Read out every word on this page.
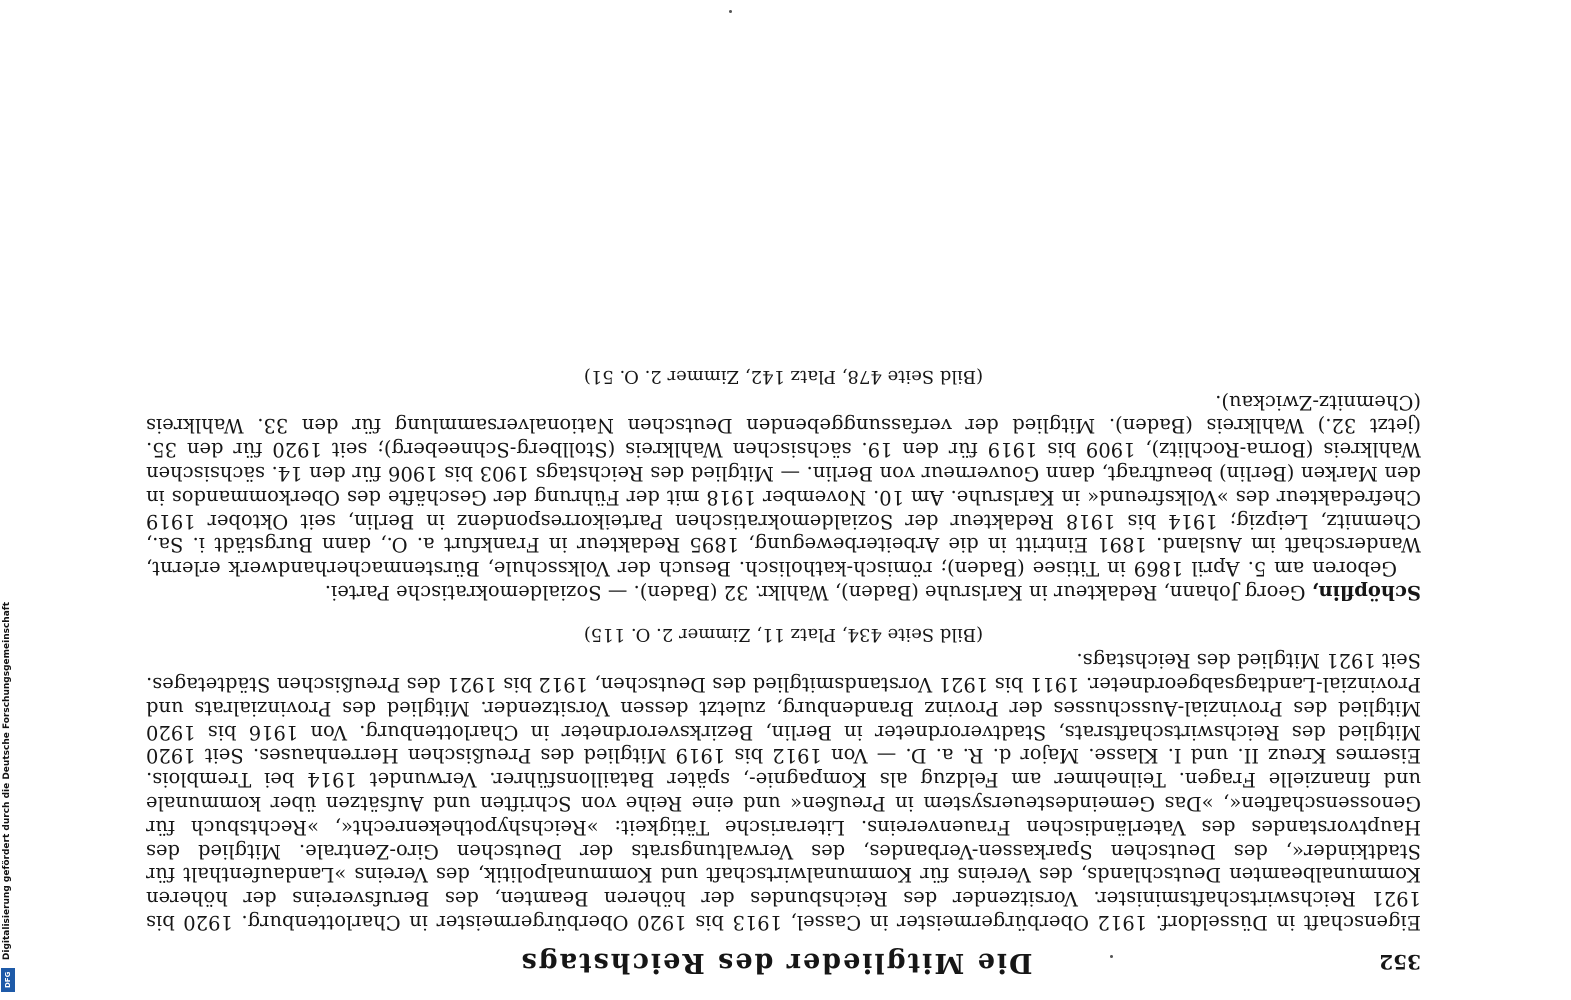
352
Die Mitglieder des Reichstags

Eigenschaft in Düsseldorf. 1912 Oberbürgermeister in Cassel, 1913 bis 1920 Oberbürgermeister in Charlottenburg. 1920 bis 1921 Reichswirtschaftsminister. Vorsitzender des Reichsbundes der höheren Beamten, des Berufsvereins der höheren Kommunalbeamten Deutschlands, des Vereins für Kommunalwirtschaft und Kommunalpolitik, des Vereins »Landaufenthalt für Stadtkinder«, des Deutschen Sparkassen-Verbandes, des Verwaltungsrats der Deutschen Giro-Zentrale. Mitglied des Hauptvorstandes des Vaterländischen Frauenvereins. Literarische Tätigkeit: »Reichshypothekenrecht«, »Rechtsbuch für Genossenschaften«, »Das Gemeindesteuersystem in Preußen« und eine Reihe von Schriften und Aufsätzen über kommunale und finanzielle Fragen. Teilnehmer am Feldzug als Kompagnie-, später Bataillonsführer. Verwundet 1914 bei Tremblois. Eisernes Kreuz II. und I. Klasse. Major d. R. a. D. — Von 1912 bis 1919 Mitglied des Preußischen Herrenhauses. Seit 1920 Mitglied des Reichswirtschaftsrats, Stadtverordneter in Berlin, Bezirksverordneter in Charlottenburg. Von 1916 bis 1920 Mitglied des Provinzial-Ausschusses der Provinz Brandenburg, zuletzt dessen Vorsitzender. Mitglied des Provinzialrats und Provinzial-Landtagsabgeordneter. 1911 bis 1921 Vorstandsmitglied des Deutschen, 1912 bis 1921 des Preußischen Städtetages. Seit 1921 Mitglied des Reichstags.

(Bild Seite 434, Platz 11, Zimmer 2. O. 115)

Schöpflin, Georg Johann, Redakteur in Karlsruhe (Baden), Wahlkr. 32 (Baden). — Sozialdemokratische Partei.

Geboren am 5. April 1869 in Titisee (Baden); römisch-katholisch. Besuch der Volksschule, Bürstenmacherhandwerk erlernt, Wanderschaft im Ausland. 1891 Eintritt in die Arbeiterbewegung, 1895 Redakteur in Frankfurt a. O., dann Burgstädt i. Sa., Chemnitz, Leipzig; 1914 bis 1918 Redakteur der Sozialdemokratischen Parteikorrespondenz in Berlin, seit Oktober 1919 Chefredakteur des »Volksfreund« in Karlsruhe. Am 10. November 1918 mit der Führung der Geschäfte des Oberkommandos in den Marken (Berlin) beauftragt, dann Gouverneur von Berlin. — Mitglied des Reichstags 1903 bis 1906 für den 14. sächsischen Wahlkreis (Borna-Rochlitz), 1909 bis 1919 für den 19. sächsischen Wahlkreis (Stollberg-Schneeberg); seit 1920 für den 35. (jetzt 32.) Wahlkreis (Baden). Mitglied der verfassunggebenden Deutschen Nationalversammlung für den 33. Wahlkreis (Chemnitz-Zwickau).

(Bild Seite 478, Platz 142, Zimmer 2. O. 51)
Digitalisierung gefördert durch die Deutsche Forschungsgemeinschaft
DFG
